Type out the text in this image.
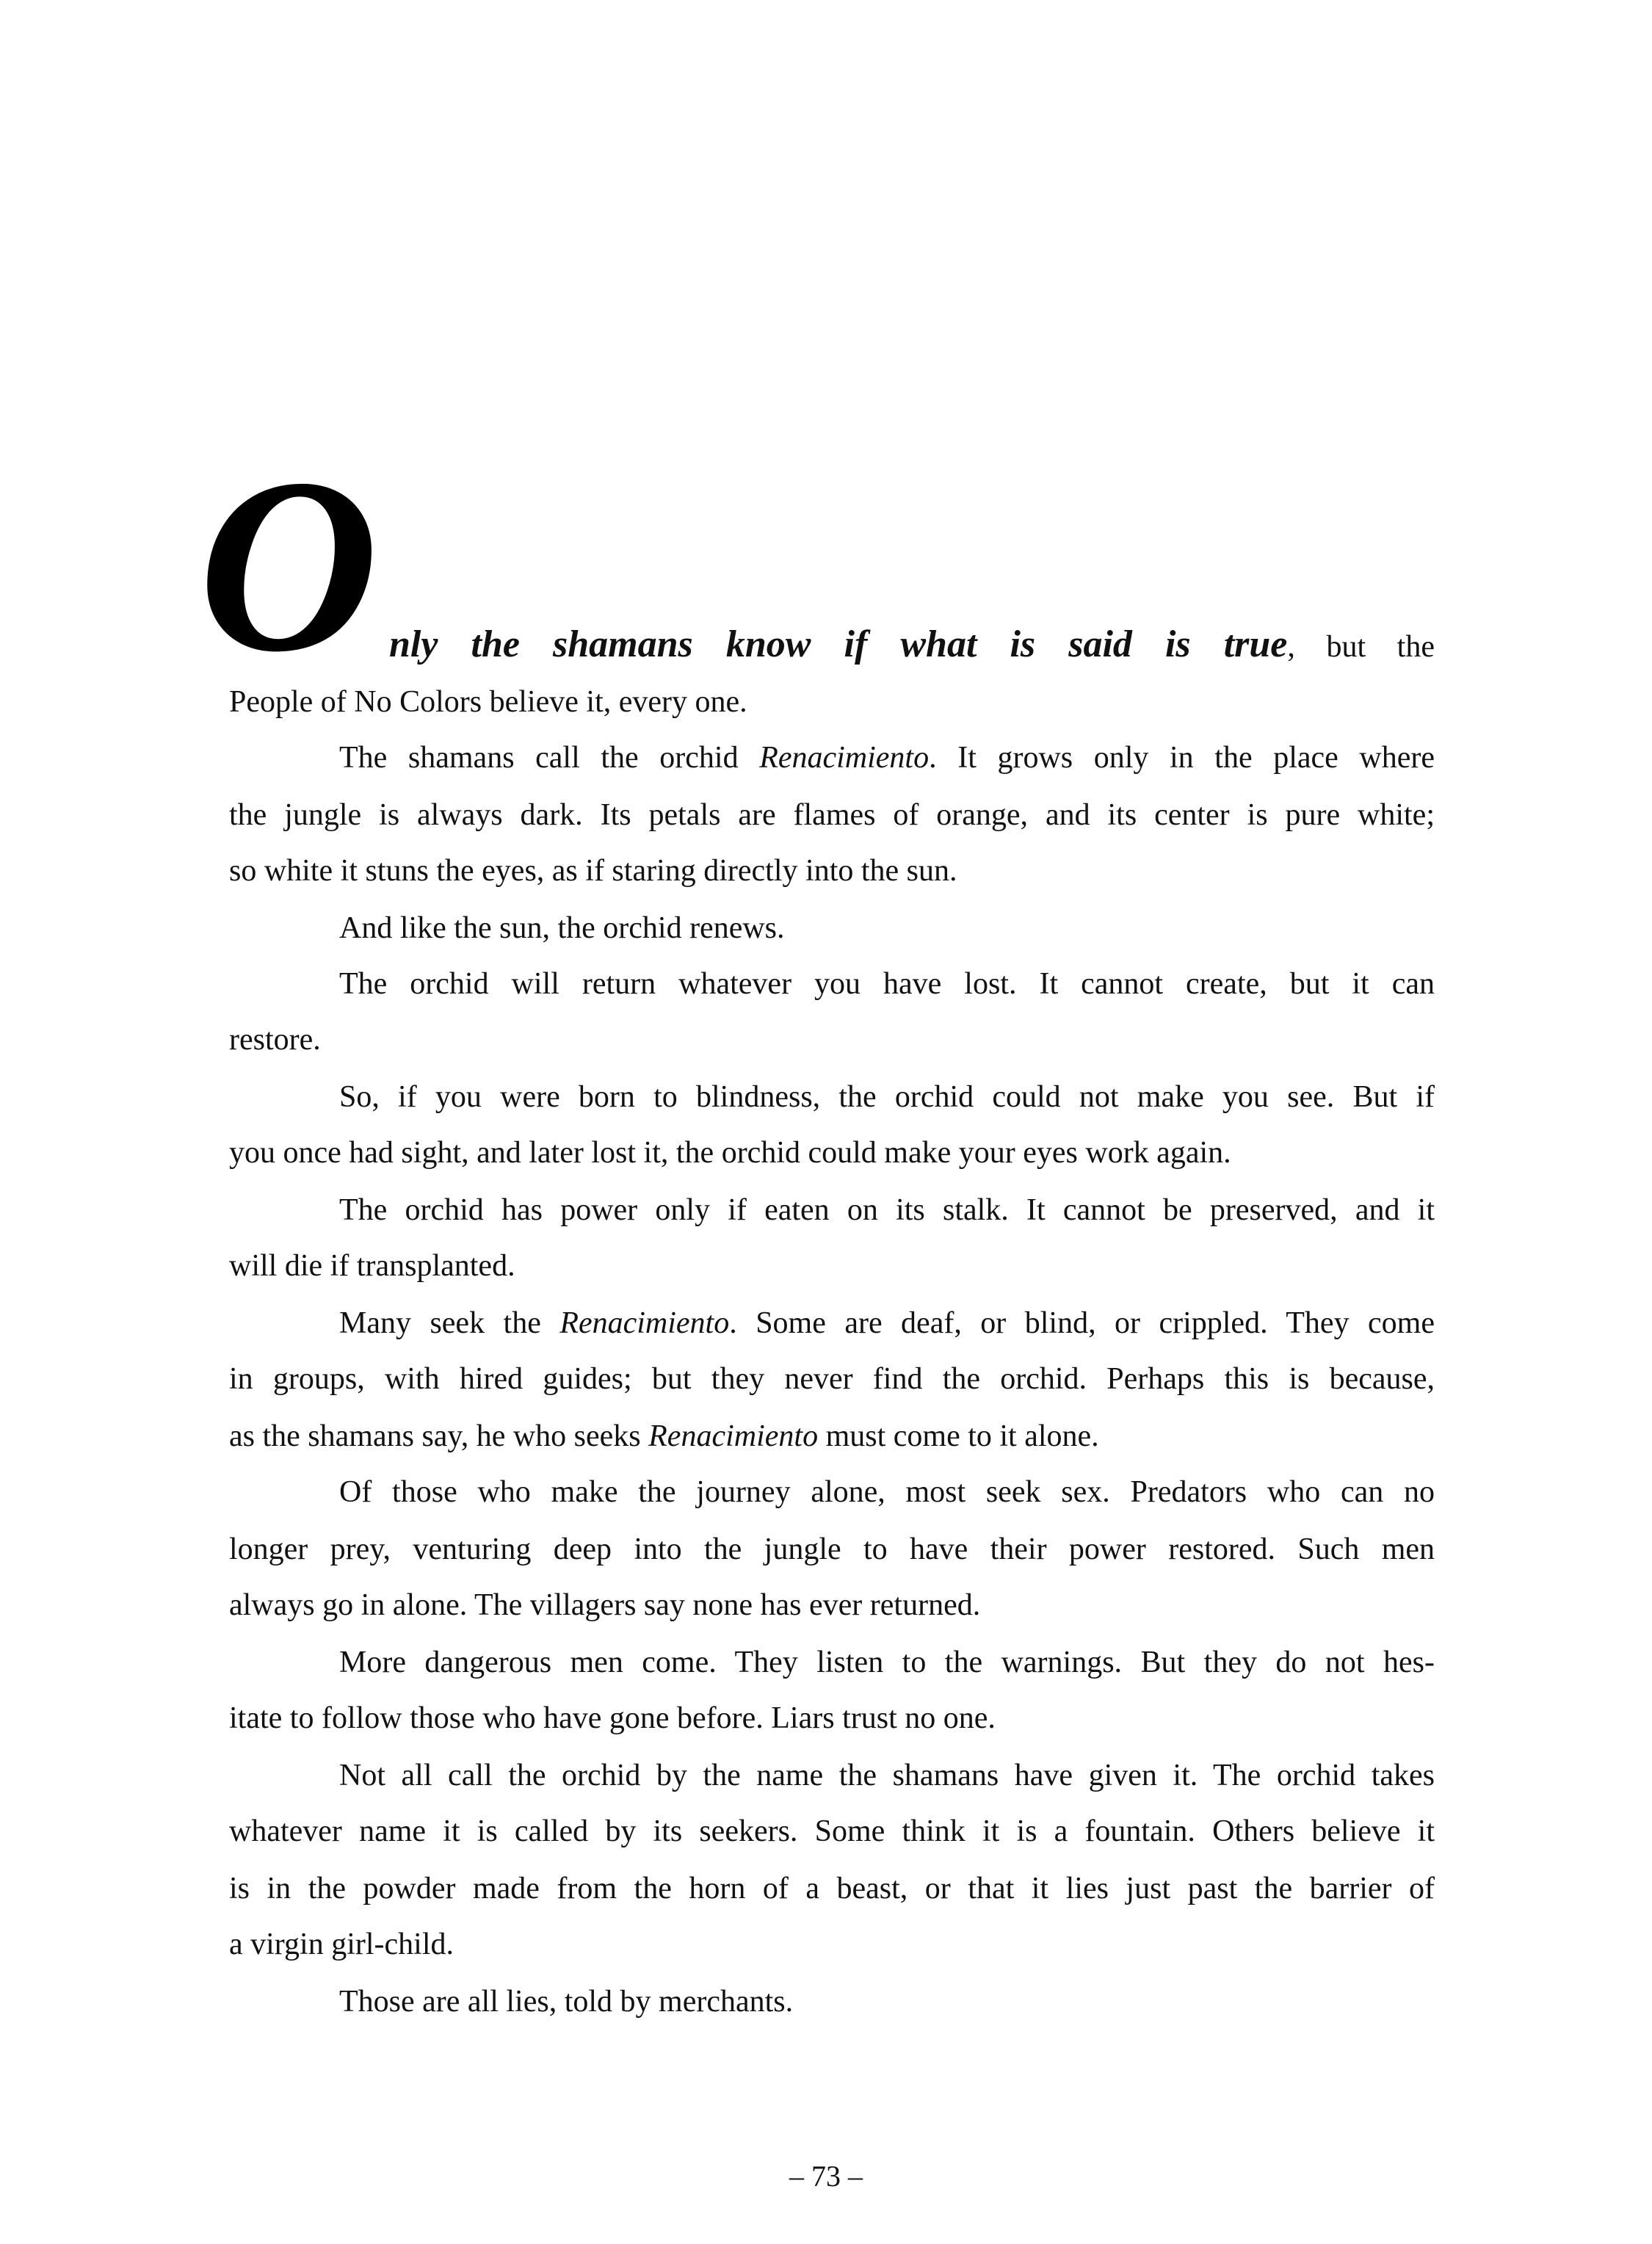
O nly the shamans know if what is said is true, but the
People of No Colors believe it, every one.
The shamans call the orchid Renacimiento. It grows only in the place where
the jungle is always dark. Its petals are flames of orange, and its center is pure white;
so white it stuns the eyes, as if staring directly into the sun.
And like the sun, the orchid renews.
The orchid will return whatever you have lost. It cannot create, but it can
restore.
So, if you were born to blindness, the orchid could not make you see. But if
you once had sight, and later lost it, the orchid could make your eyes work again.
The orchid has power only if eaten on its stalk. It cannot be preserved, and it
will die if transplanted.
Many seek the Renacimiento. Some are deaf, or blind, or crippled. They come
in groups, with hired guides; but they never find the orchid. Perhaps this is because,
as the shamans say, he who seeks Renacimiento must come to it alone.
Of those who make the journey alone, most seek sex. Predators who can no
longer prey, venturing deep into the jungle to have their power restored. Such men
always go in alone. The villagers say none has ever returned.
More dangerous men come. They listen to the warnings. But they do not hes-
itate to follow those who have gone before. Liars trust no one.
Not all call the orchid by the name the shamans have given it. The orchid takes
whatever name it is called by its seekers. Some think it is a fountain. Others believe it
is in the powder made from the horn of a beast, or that it lies just past the barrier of
a virgin girl-child.
Those are all lies, told by merchants.
– 73 –
